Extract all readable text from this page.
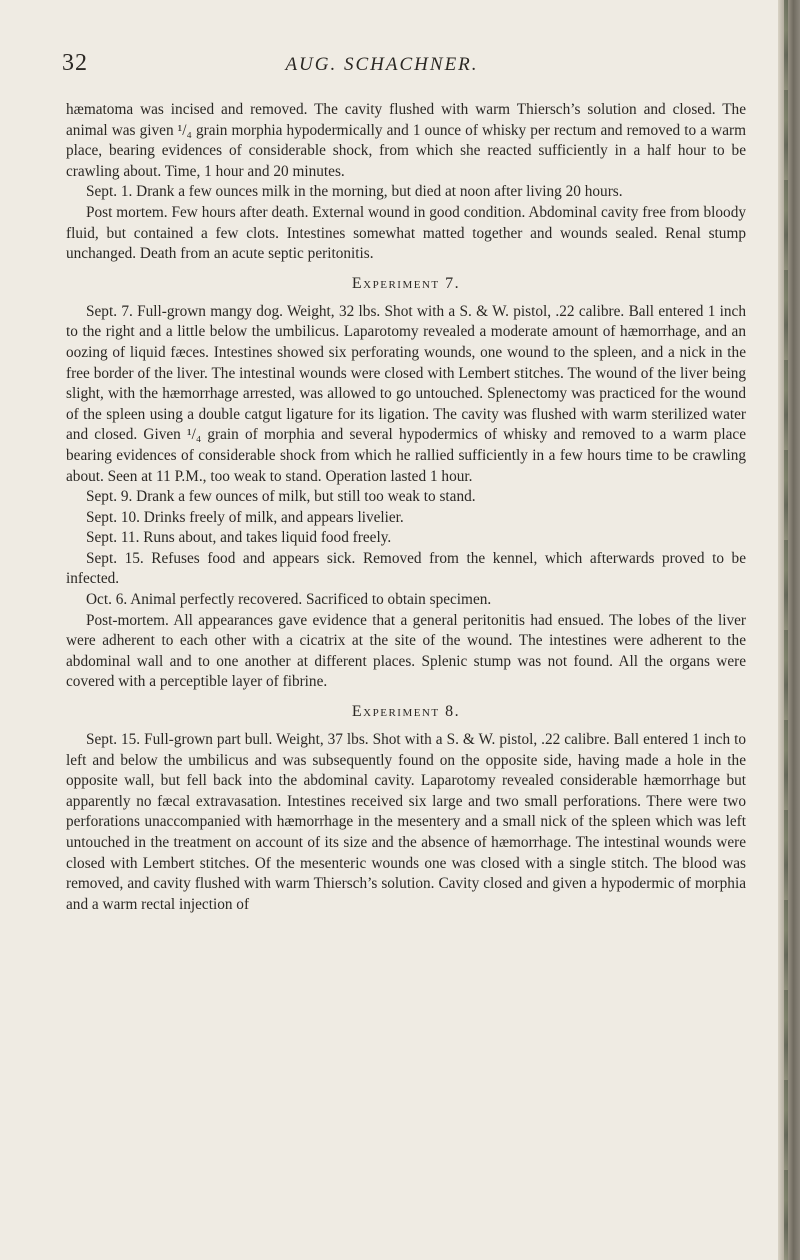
32	AUG. SCHACHNER.

hæmatoma was incised and removed. The cavity flushed with warm Thiersch’s solution and closed. The animal was given ¹/₄ grain morphia hypodermically and 1 ounce of whisky per rectum and removed to a warm place, bearing evidences of considerable shock, from which she reacted sufficiently in a half hour to be crawling about. Time, 1 hour and 20 minutes.

Sept. 1. Drank a few ounces milk in the morning, but died at noon after living 20 hours.

Post mortem. Few hours after death. External wound in good condition. Abdominal cavity free from bloody fluid, but contained a few clots. Intestines somewhat matted together and wounds sealed. Renal stump unchanged. Death from an acute septic peritonitis.

Experiment 7.

Sept. 7. Full-grown mangy dog. Weight, 32 lbs. Shot with a S. & W. pistol, .22 calibre. Ball entered 1 inch to the right and a little below the umbilicus. Laparotomy revealed a moderate amount of hæmorrhage, and an oozing of liquid fæces. Intestines showed six perforating wounds, one wound to the spleen, and a nick in the free border of the liver. The intestinal wounds were closed with Lembert stitches. The wound of the liver being slight, with the hæmorrhage arrested, was allowed to go untouched. Splenectomy was practiced for the wound of the spleen using a double catgut ligature for its ligation. The cavity was flushed with warm sterilized water and closed. Given ¹/₄ grain of morphia and several hypodermics of whisky and removed to a warm place bearing evidences of considerable shock from which he rallied sufficiently in a few hours time to be crawling about. Seen at 11 P.M., too weak to stand. Operation lasted 1 hour.

Sept. 9. Drank a few ounces of milk, but still too weak to stand.

Sept. 10. Drinks freely of milk, and appears livelier.

Sept. 11. Runs about, and takes liquid food freely.

Sept. 15. Refuses food and appears sick. Removed from the kennel, which afterwards proved to be infected.

Oct. 6. Animal perfectly recovered. Sacrificed to obtain specimen.

Post-mortem. All appearances gave evidence that a general peritonitis had ensued. The lobes of the liver were adherent to each other with a cicatrix at the site of the wound. The intestines were adherent to the abdominal wall and to one another at different places. Splenic stump was not found. All the organs were covered with a perceptible layer of fibrine.

Experiment 8.

Sept. 15. Full-grown part bull. Weight, 37 lbs. Shot with a S. & W. pistol, .22 calibre. Ball entered 1 inch to left and below the umbilicus and was subsequently found on the opposite side, having made a hole in the opposite wall, but fell back into the abdominal cavity. Laparotomy revealed considerable hæmorrhage but apparently no fæcal extravasation. Intestines received six large and two small perforations. There were two perforations unaccompanied with hæmorrhage in the mesentery and a small nick of the spleen which was left untouched in the treatment on account of its size and the absence of hæmorrhage. The intestinal wounds were closed with Lembert stitches. Of the mesenteric wounds one was closed with a single stitch. The blood was removed, and cavity flushed with warm Thiersch’s solution. Cavity closed and given a hypodermic of morphia and a warm rectal injection of
